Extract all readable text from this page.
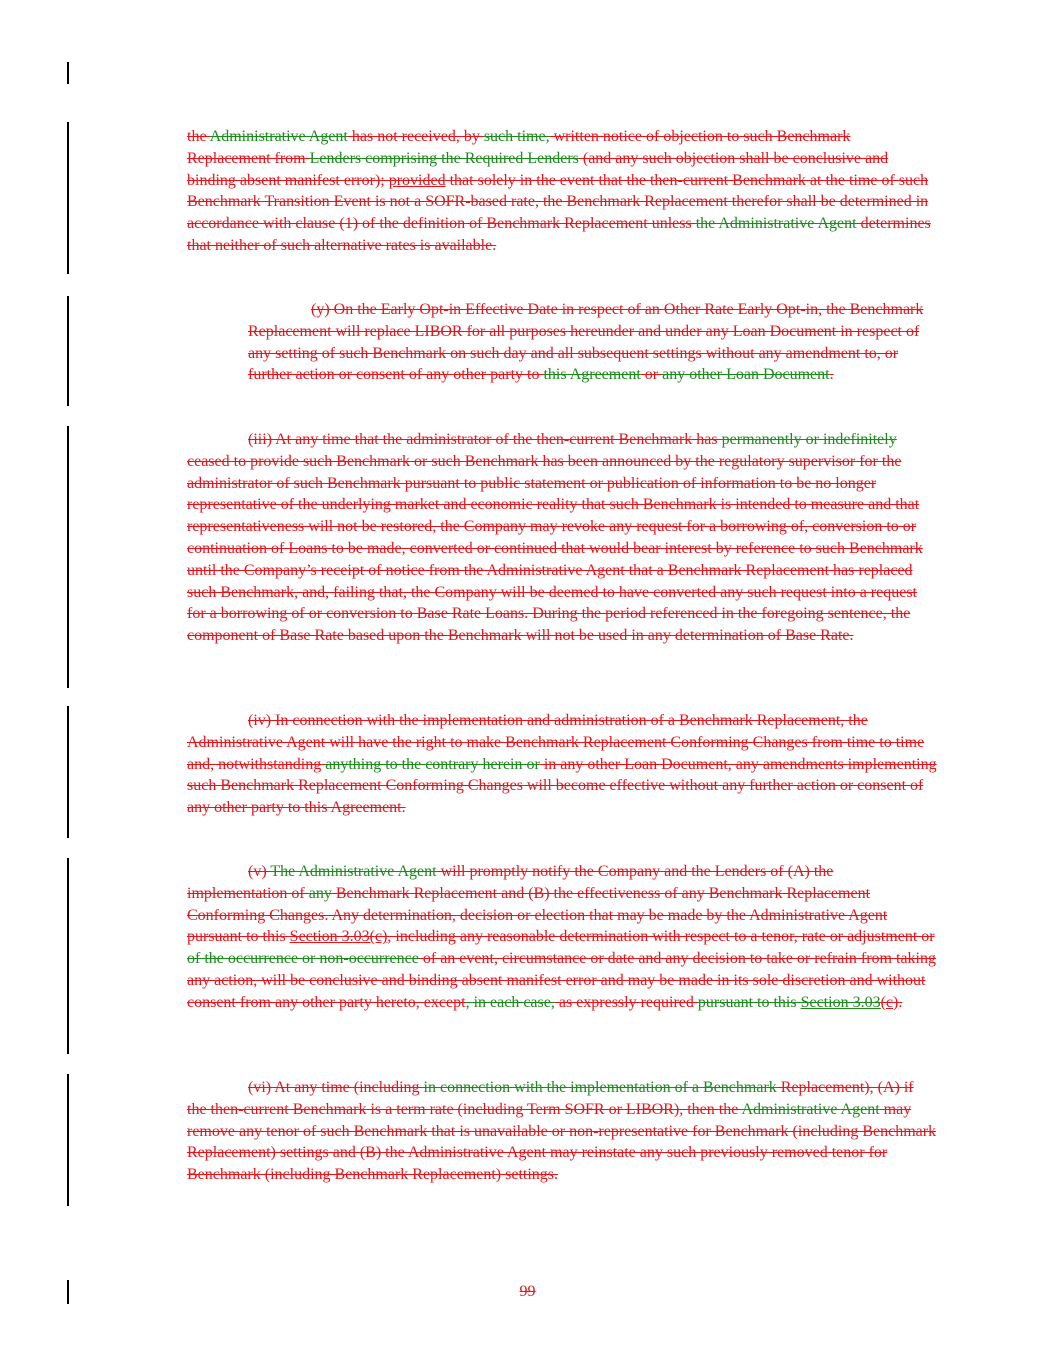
the Administrative Agent has not received, by such time, written notice of objection to such Benchmark Replacement from Lenders comprising the Required Lenders (and any such objection shall be conclusive and binding absent manifest error); provided that solely in the event that the then-current Benchmark at the time of such Benchmark Transition Event is not a SOFR-based rate, the Benchmark Replacement therefor shall be determined in accordance with clause (1) of the definition of Benchmark Replacement unless the Administrative Agent determines that neither of such alternative rates is available.

(y) On the Early Opt-in Effective Date in respect of an Other Rate Early Opt-in, the Benchmark Replacement will replace LIBOR for all purposes hereunder and under any Loan Document in respect of any setting of such Benchmark on such day and all subsequent settings without any amendment to, or further action or consent of any other party to this Agreement or any other Loan Document.

(iii) At any time that the administrator of the then-current Benchmark has permanently or indefinitely ceased to provide such Benchmark or such Benchmark has been announced by the regulatory supervisor for the administrator of such Benchmark pursuant to public statement or publication of information to be no longer representative of the underlying market and economic reality that such Benchmark is intended to measure and that representativeness will not be restored, the Company may revoke any request for a borrowing of, conversion to or continuation of Loans to be made, converted or continued that would bear interest by reference to such Benchmark until the Company’s receipt of notice from the Administrative Agent that a Benchmark Replacement has replaced such Benchmark, and, failing that, the Company will be deemed to have converted any such request into a request for a borrowing of or conversion to Base Rate Loans. During the period referenced in the foregoing sentence, the component of Base Rate based upon the Benchmark will not be used in any determination of Base Rate.

(iv) In connection with the implementation and administration of a Benchmark Replacement, the Administrative Agent will have the right to make Benchmark Replacement Conforming Changes from time to time and, notwithstanding anything to the contrary herein or in any other Loan Document, any amendments implementing such Benchmark Replacement Conforming Changes will become effective without any further action or consent of any other party to this Agreement.

(v) The Administrative Agent will promptly notify the Company and the Lenders of (A) the implementation of any Benchmark Replacement and (B) the effectiveness of any Benchmark Replacement Conforming Changes. Any determination, decision or election that may be made by the Administrative Agent pursuant to this Section 3.03(c), including any reasonable determination with respect to a tenor, rate or adjustment or of the occurrence or non-occurrence of an event, circumstance or date and any decision to take or refrain from taking any action, will be conclusive and binding absent manifest error and may be made in its sole discretion and without consent from any other party hereto, except, in each case, as expressly required pursuant to this Section 3.03(c).

(vi) At any time (including in connection with the implementation of a Benchmark Replacement), (A) if the then-current Benchmark is a term rate (including Term SOFR or LIBOR), then the Administrative Agent may remove any tenor of such Benchmark that is unavailable or non-representative for Benchmark (including Benchmark Replacement) settings and (B) the Administrative Agent may reinstate any such previously removed tenor for Benchmark (including Benchmark Replacement) settings.

99
